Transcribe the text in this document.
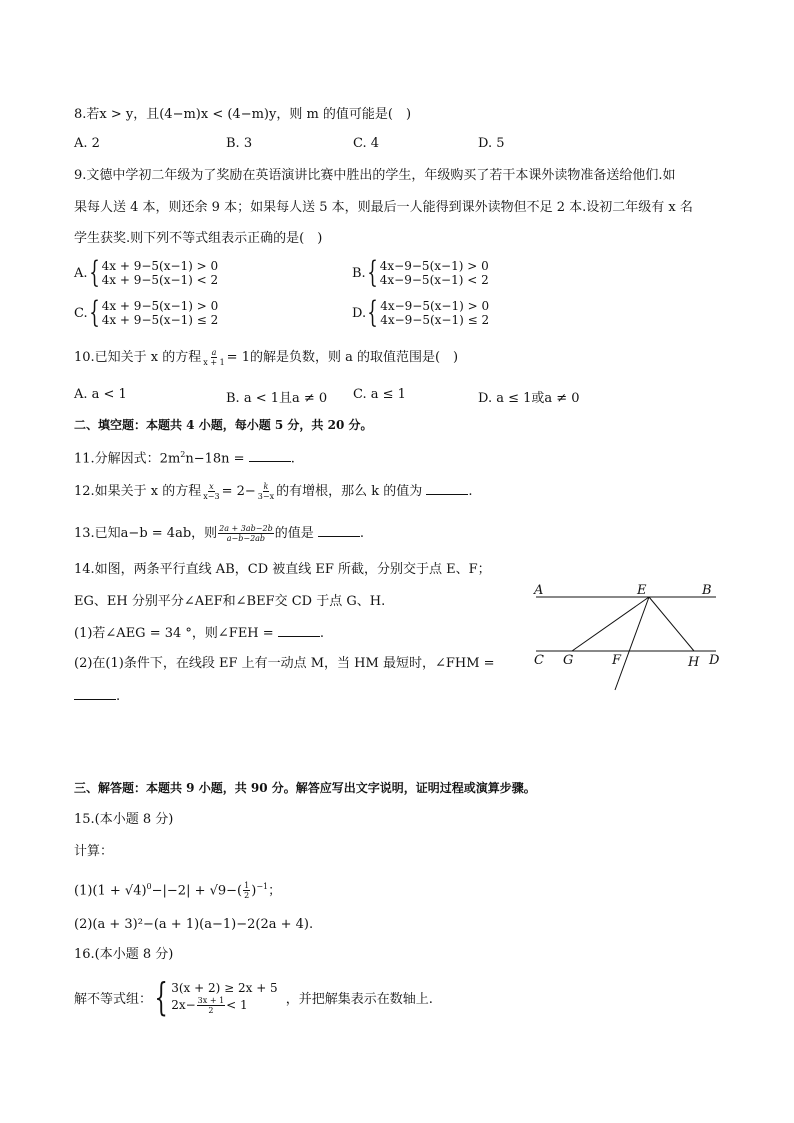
8.若x > y，且(4−m)x < (4−m)y，则 m 的值可能是(　)
A. 2	B. 3	C. 4	D. 5
9.文德中学初二年级为了奖励在英语演讲比赛中胜出的学生，年级购买了若干本课外读物准备送给他们.如
果每人送 4 本，则还余 9 本；如果每人送 5 本，则最后一人能得到课外读物但不足 2 本.设初二年级有 x 名
学生获奖.则下列不等式组表示正确的是(　)
A. { 4x + 9−5(x−1) > 0
4x + 9−5(x−1) < 2	B. { 4x−9−5(x−1) > 0
4x−9−5(x−1) < 2
C. { 4x + 9−5(x−1) > 0
4x + 9−5(x−1) ≤ 2	D. { 4x−9−5(x−1) > 0
4x−9−5(x−1) ≤ 2
10.已知关于 x 的方程 $\frac{a}{x + 1} = 1$的解是负数，则 a 的取值范围是(　)
A. a < 1	B. a < 1且a ≠ 0 C. a ≤ 1	D. a ≤ 1或a ≠ 0
二、填空题：本题共 4 小题，每小题 5 分，共 20 分。
11.分解因式：$2m^2n-18n$ =	.
12.如果关于 x 的方程 $\frac{x}{x-3} = 2- \frac{k}{3-x}$ 的有增根，那么 k 的值为	.
13.已知a−b = 4ab，则 $\frac{2a + 3ab-2b}{a-b-2ab}$ 的值是	.
14.如图，两条平行直线 AB，CD 被直线 EF 所截，分别交于点 E、F；
EG、EH 分别平分∠AEF和∠BEF交 CD 于点 G、H.
(1)若∠AEG = 34 °，则∠FEH =	.
(2)在(1)条件下，在线段 EF 上有一动点 M，当 HM 最短时，∠FHM =
.
A	E	B
C G	F	H D
三、解答题：本题共 9 小题，共 90 分。解答应写出文字说明，证明过程或演算步骤。
15.(本小题 8 分)
计算：
$(1)(1 + √4)^0-|-2| + √9-( \frac{1}{2} )^{-1}$；
(2)(a + 3)²−(a + 1)(a−1)−2(2a + 4).
16.(本小题 8 分)
解不等式组： { 3(x + 2) ≥ 2x + 5
$2x- \frac{3x + 1}{2} < 1$	，并把解集表示在数轴上.
